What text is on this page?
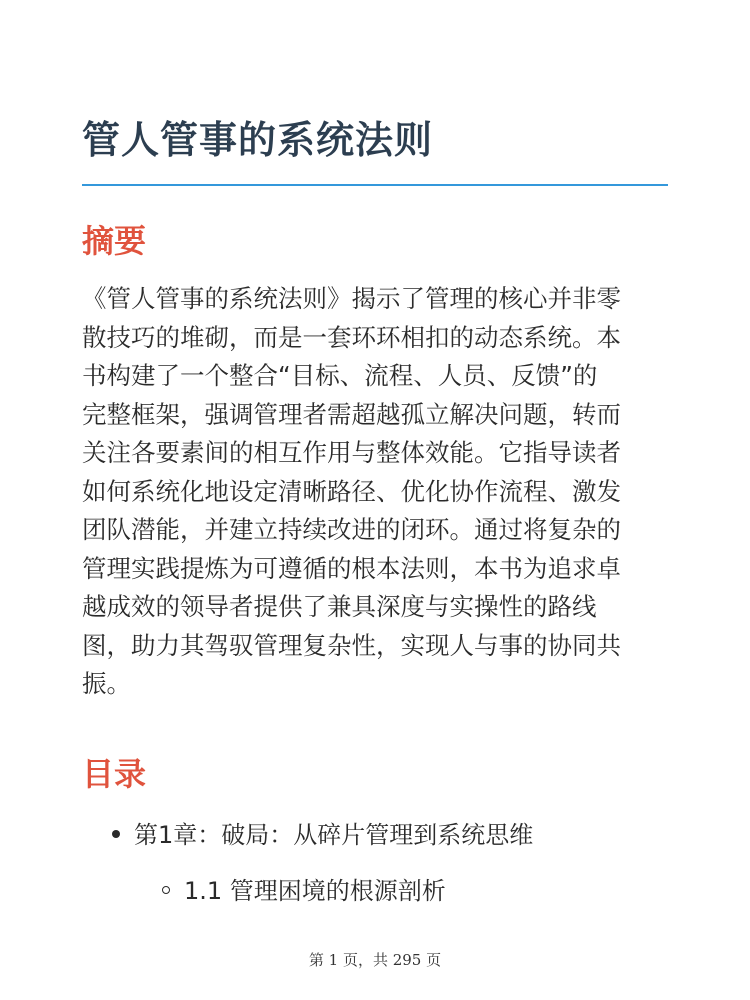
管人管事的系统法则
摘要

《管人管事的系统法则》揭示了管理的核心并非零
散技巧的堆砌，而是一套环环相扣的动态系统。本
书构建了一个整合“目标、流程、人员、反馈”的
完整框架，强调管理者需超越孤立解决问题，转而
关注各要素间的相互作用与整体效能。它指导读者
如何系统化地设定清晰路径、优化协作流程、激发
团队潜能，并建立持续改进的闭环。通过将复杂的
管理实践提炼为可遵循的根本法则，本书为追求卓
越成效的领导者提供了兼具深度与实操性的路线
图，助力其驾驭管理复杂性，实现人与事的协同共
振。

目录
第1章：破局：从碎片管理到系统思维
1.1 管理困境的根源剖析
第 1 页，共 295 页
